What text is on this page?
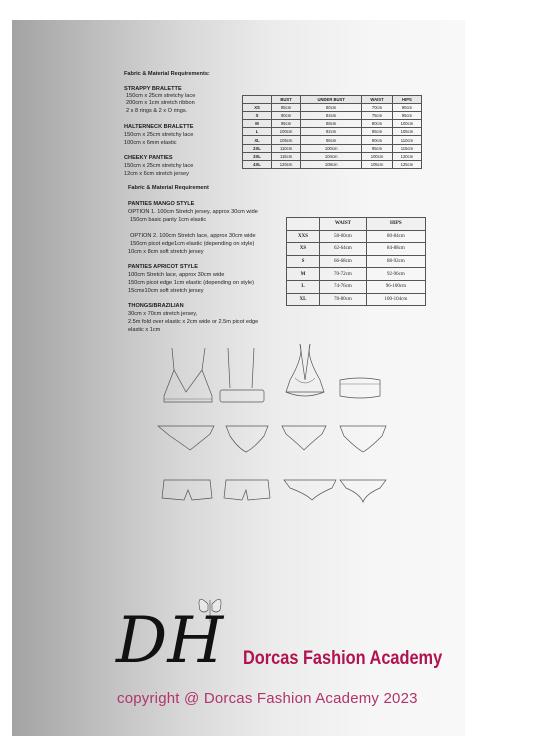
Fabric & Material Requirements:
STRAPPY BRALETTE
150cm x 25cm stretchy lace
200cm x 1cm stretch ribbon
2 x 8 rings & 2 x O rings.
HALTERNECK BRALETTE
150cm x 25cm stretchy lace
100cm x 6mm elastic
CHEEKY PANTIES
150cm x 25cm stretchy lace
12cm x 6cm stretch jersey
Fabric & Material Requirement
PANTIES MANGO STYLE
OPTION 1. 100cm Stretch jersey, approx 30cm wide
150cm basic panty 1cm elastic
OPTION 2. 100cm Stretch lace, approx 30cm wide
150cm picot edge1cm elastic (depending on style)
10cm x 8cm soft stretch jersey
PANTIES APRICOT STYLE
100cm Stretch lace, approx 30cm wide
150cm picot edge 1cm elastic (depending on style)
15cmx10cm soft stretch jersey
THONGS/BRAZILIAN
30cm x 70cm stretch jersey,
2.5m fold over elastic x 2cm wide or 2.5m picot edge
elastic x 1cm
	BUST	UNDER BUST	WAIST	HIPS
XS	85cm	80cm	70cm	90cm
S	90cm	84cm	75cm	95cm
M	95cm	88cm	80cm	100cm
L	100cm	92cm	85cm	105cm
XL	105cm	96cm	90cm	110cm
2XL	110cm	100cm	95cm	115cm
3XL	115cm	104cm	100cm	120cm
4XL	120cm	108cm	105cm	125cm
	WAIST	HIPS
XXS	58-60cm	80-84cm
XS	62-64cm	84-88cm
S	66-68cm	88-92cm
M	70-72cm	92-96cm
L	74-76cm	96-100cm
XL	78-80cm	100-104cm
DH Dorcas Fashion Academy
copyright @ Dorcas Fashion Academy 2023
